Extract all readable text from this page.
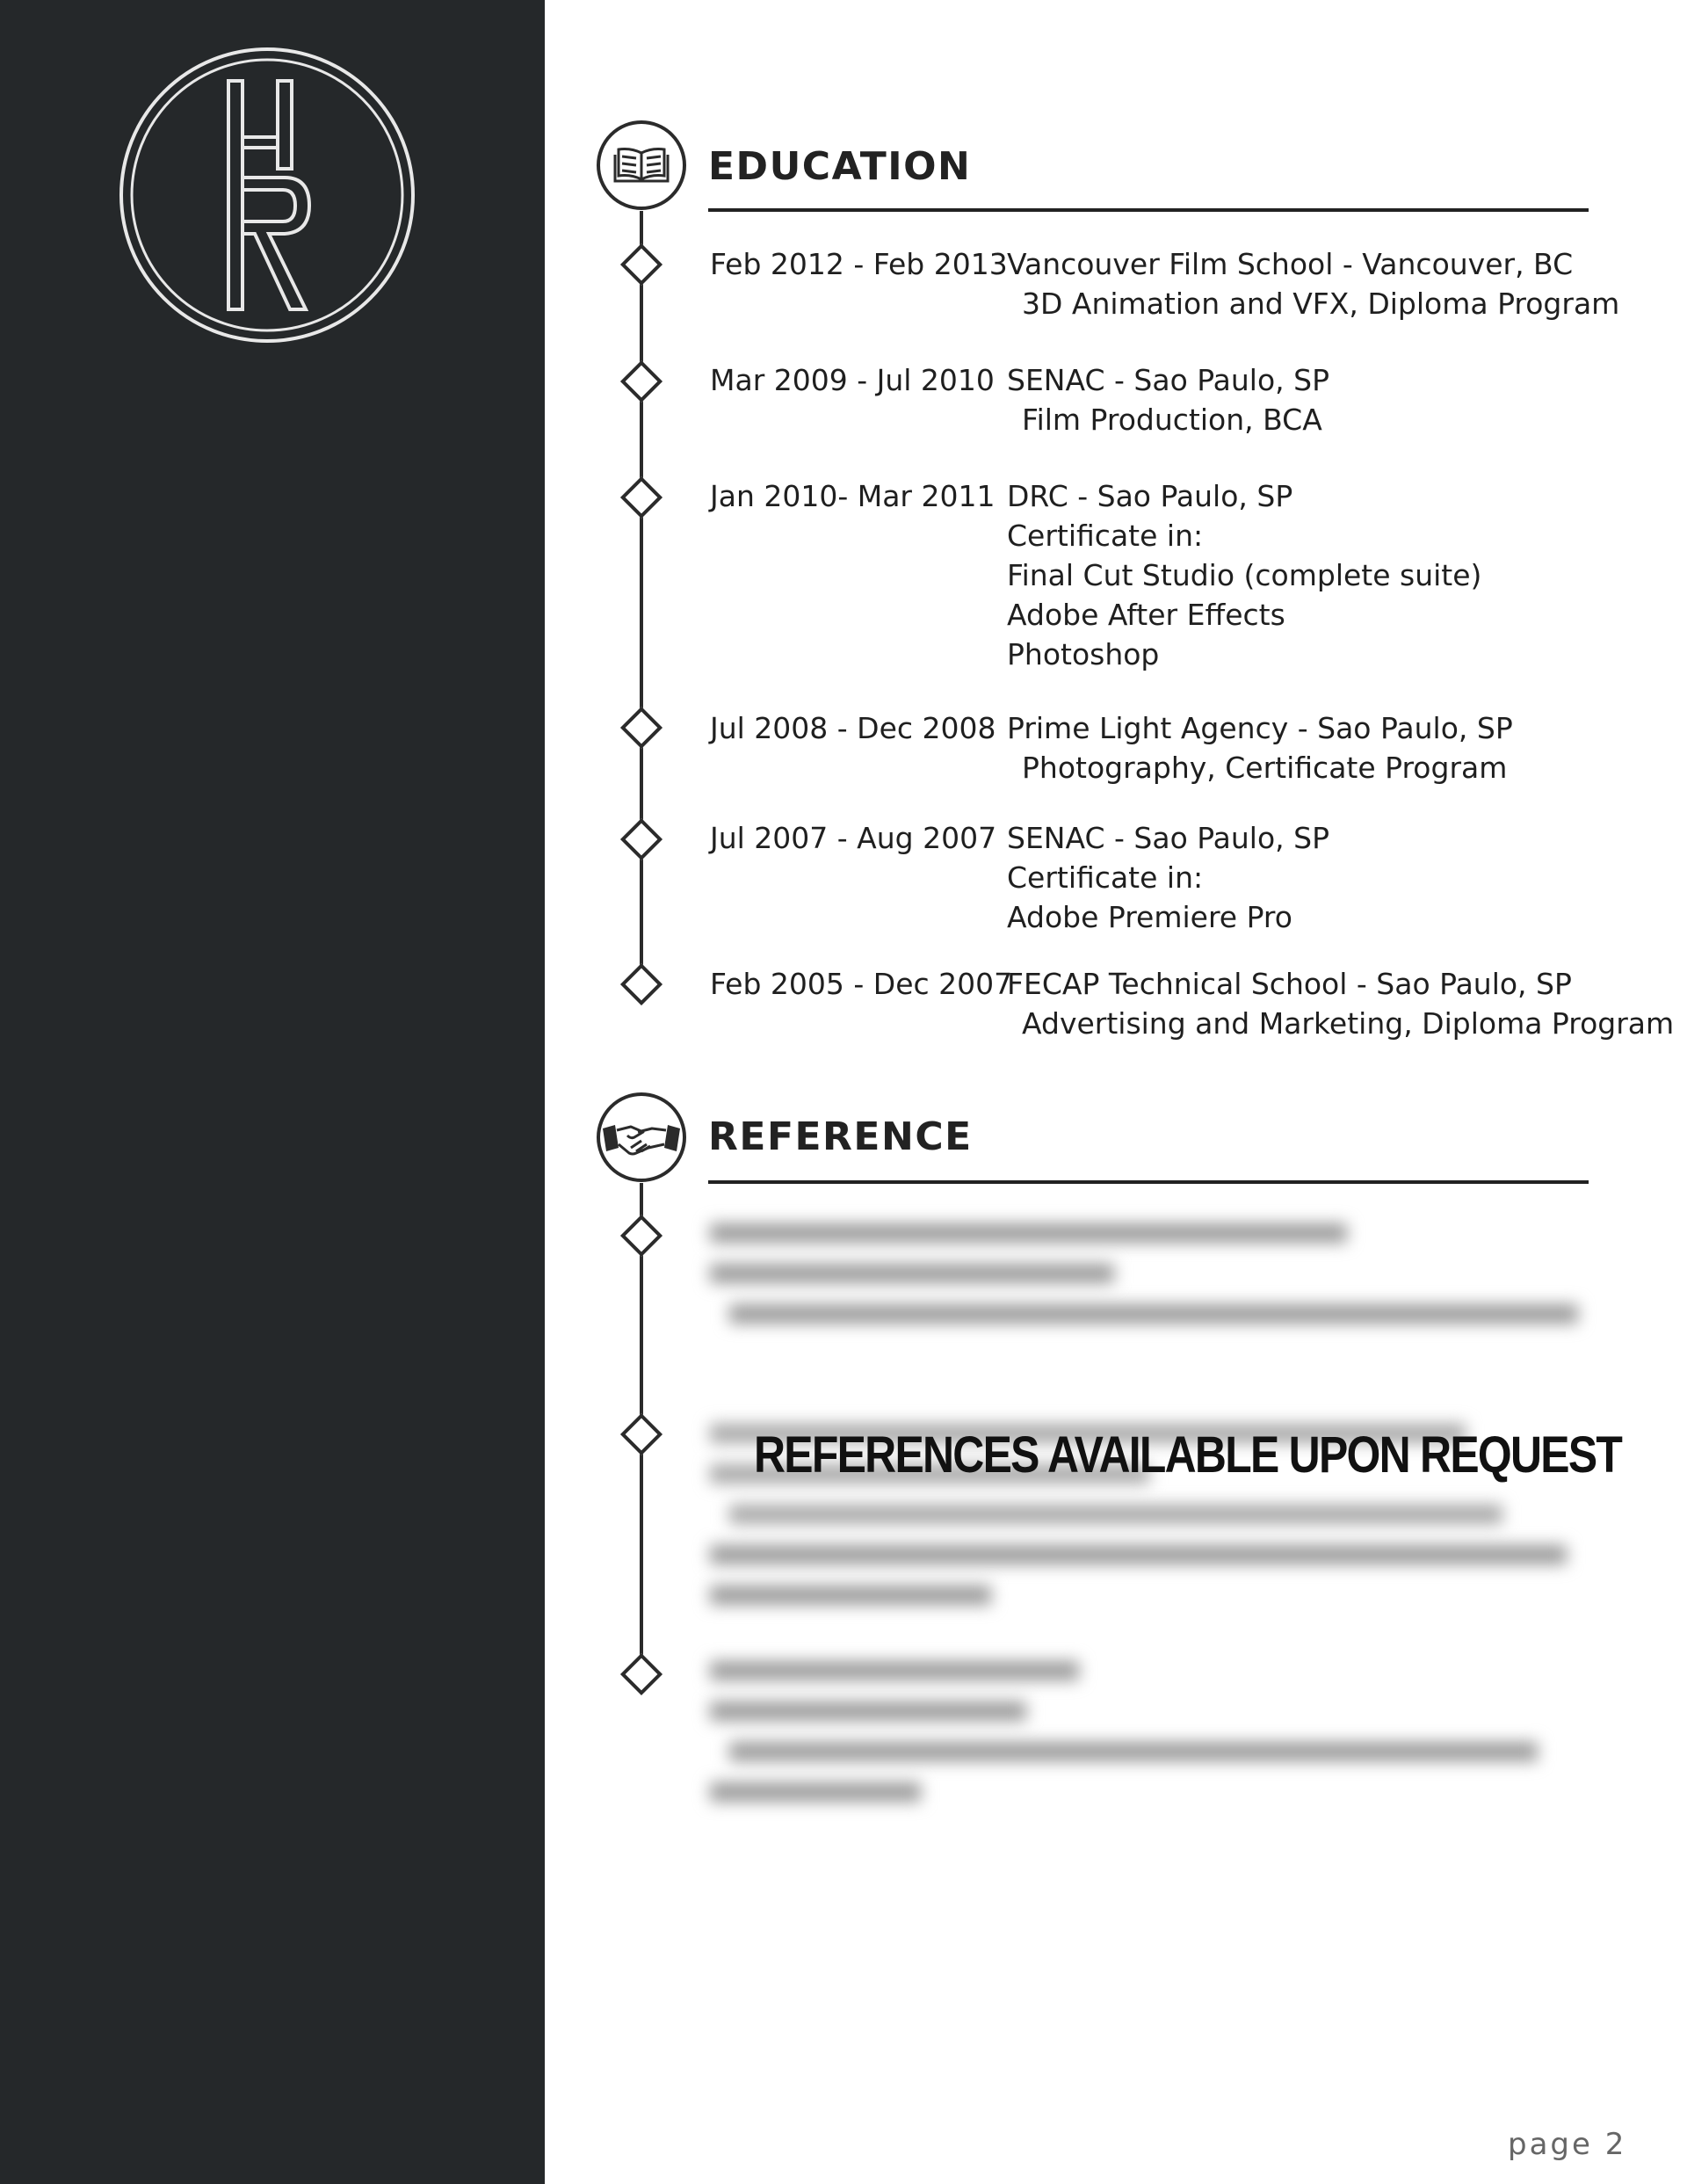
EDUCATION
Feb 2012 - Feb 2013 Vancouver Film School - Vancouver, BC
3D Animation and VFX, Diploma Program
Mar 2009 - Jul 2010 SENAC - Sao Paulo, SP
Film Production, BCA
Jan 2010- Mar 2011 DRC - Sao Paulo, SP
Certificate in:
Final Cut Studio (complete suite)
Adobe After Effects
Photoshop
Jul 2008 - Dec 2008 Prime Light Agency - Sao Paulo, SP
Photography, Certificate Program
Jul 2007 - Aug 2007 SENAC - Sao Paulo, SP
Certificate in:
Adobe Premiere Pro
Feb 2005 - Dec 2007
FECAP Technical School - Sao Paulo, SP
Advertising and Marketing, Diploma Program
REFERENCE
REFERENCES AVAILABLE UPON REQUEST
page 2
